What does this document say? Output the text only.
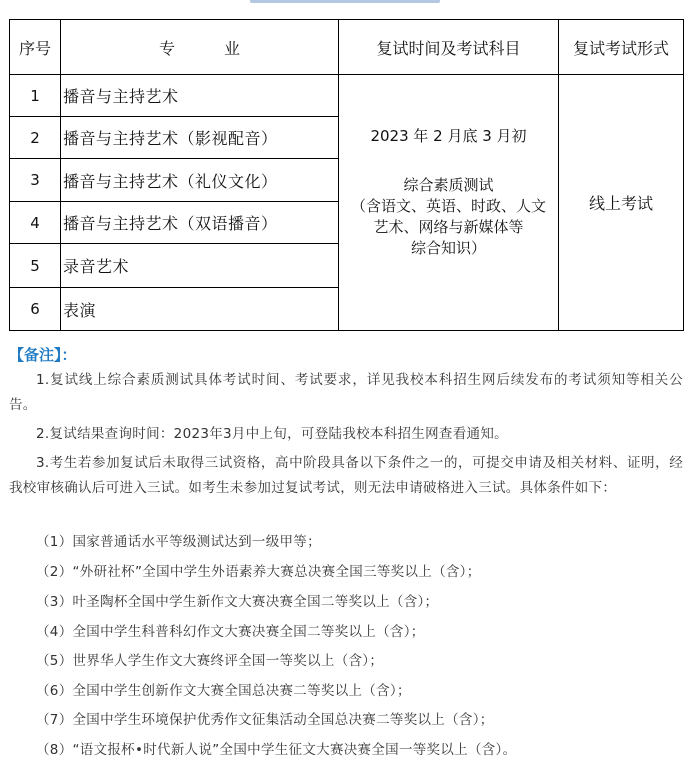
序号	专 业	复试时间及考试科目	复试考试形式
1	播音与主持艺术	2023 年 2 月底 3 月初
综合素质测试
（含语文、英语、时政、人文
艺术、网络与新媒体等
综合知识）	线上考试
2	播音与主持艺术（影视配音）		
3	播音与主持艺术（礼仪文化）		
4	播音与主持艺术（双语播音）		
5	录音艺术		
6	表演		
【备注】：
1.复试线上综合素质测试具体考试时间、考试要求，详见我校本科招生网后续发布的考试须知等相关公告。
2.复试结果查询时间：2023年3月中上旬，可登陆我校本科招生网查看通知。
3.考生若参加复试后未取得三试资格，高中阶段具备以下条件之一的，可提交申请及相关材料、证明，经我校审核确认后可进入三试。如考生未参加过复试考试，则无法申请破格进入三试。具体条件如下：
（1）国家普通话水平等级测试达到一级甲等；
（2）“外研社杯”全国中学生外语素养大赛总决赛全国三等奖以上（含）；
（3）叶圣陶杯全国中学生新作文大赛决赛全国二等奖以上（含）；
（4）全国中学生科普科幻作文大赛决赛全国二等奖以上（含）；
（5）世界华人学生作文大赛终评全国一等奖以上（含）；
（6）全国中学生创新作文大赛全国总决赛二等奖以上（含）；
（7）全国中学生环境保护优秀作文征集活动全国总决赛二等奖以上（含）；
（8）“语文报杯•时代新人说”全国中学生征文大赛决赛全国一等奖以上（含）。
